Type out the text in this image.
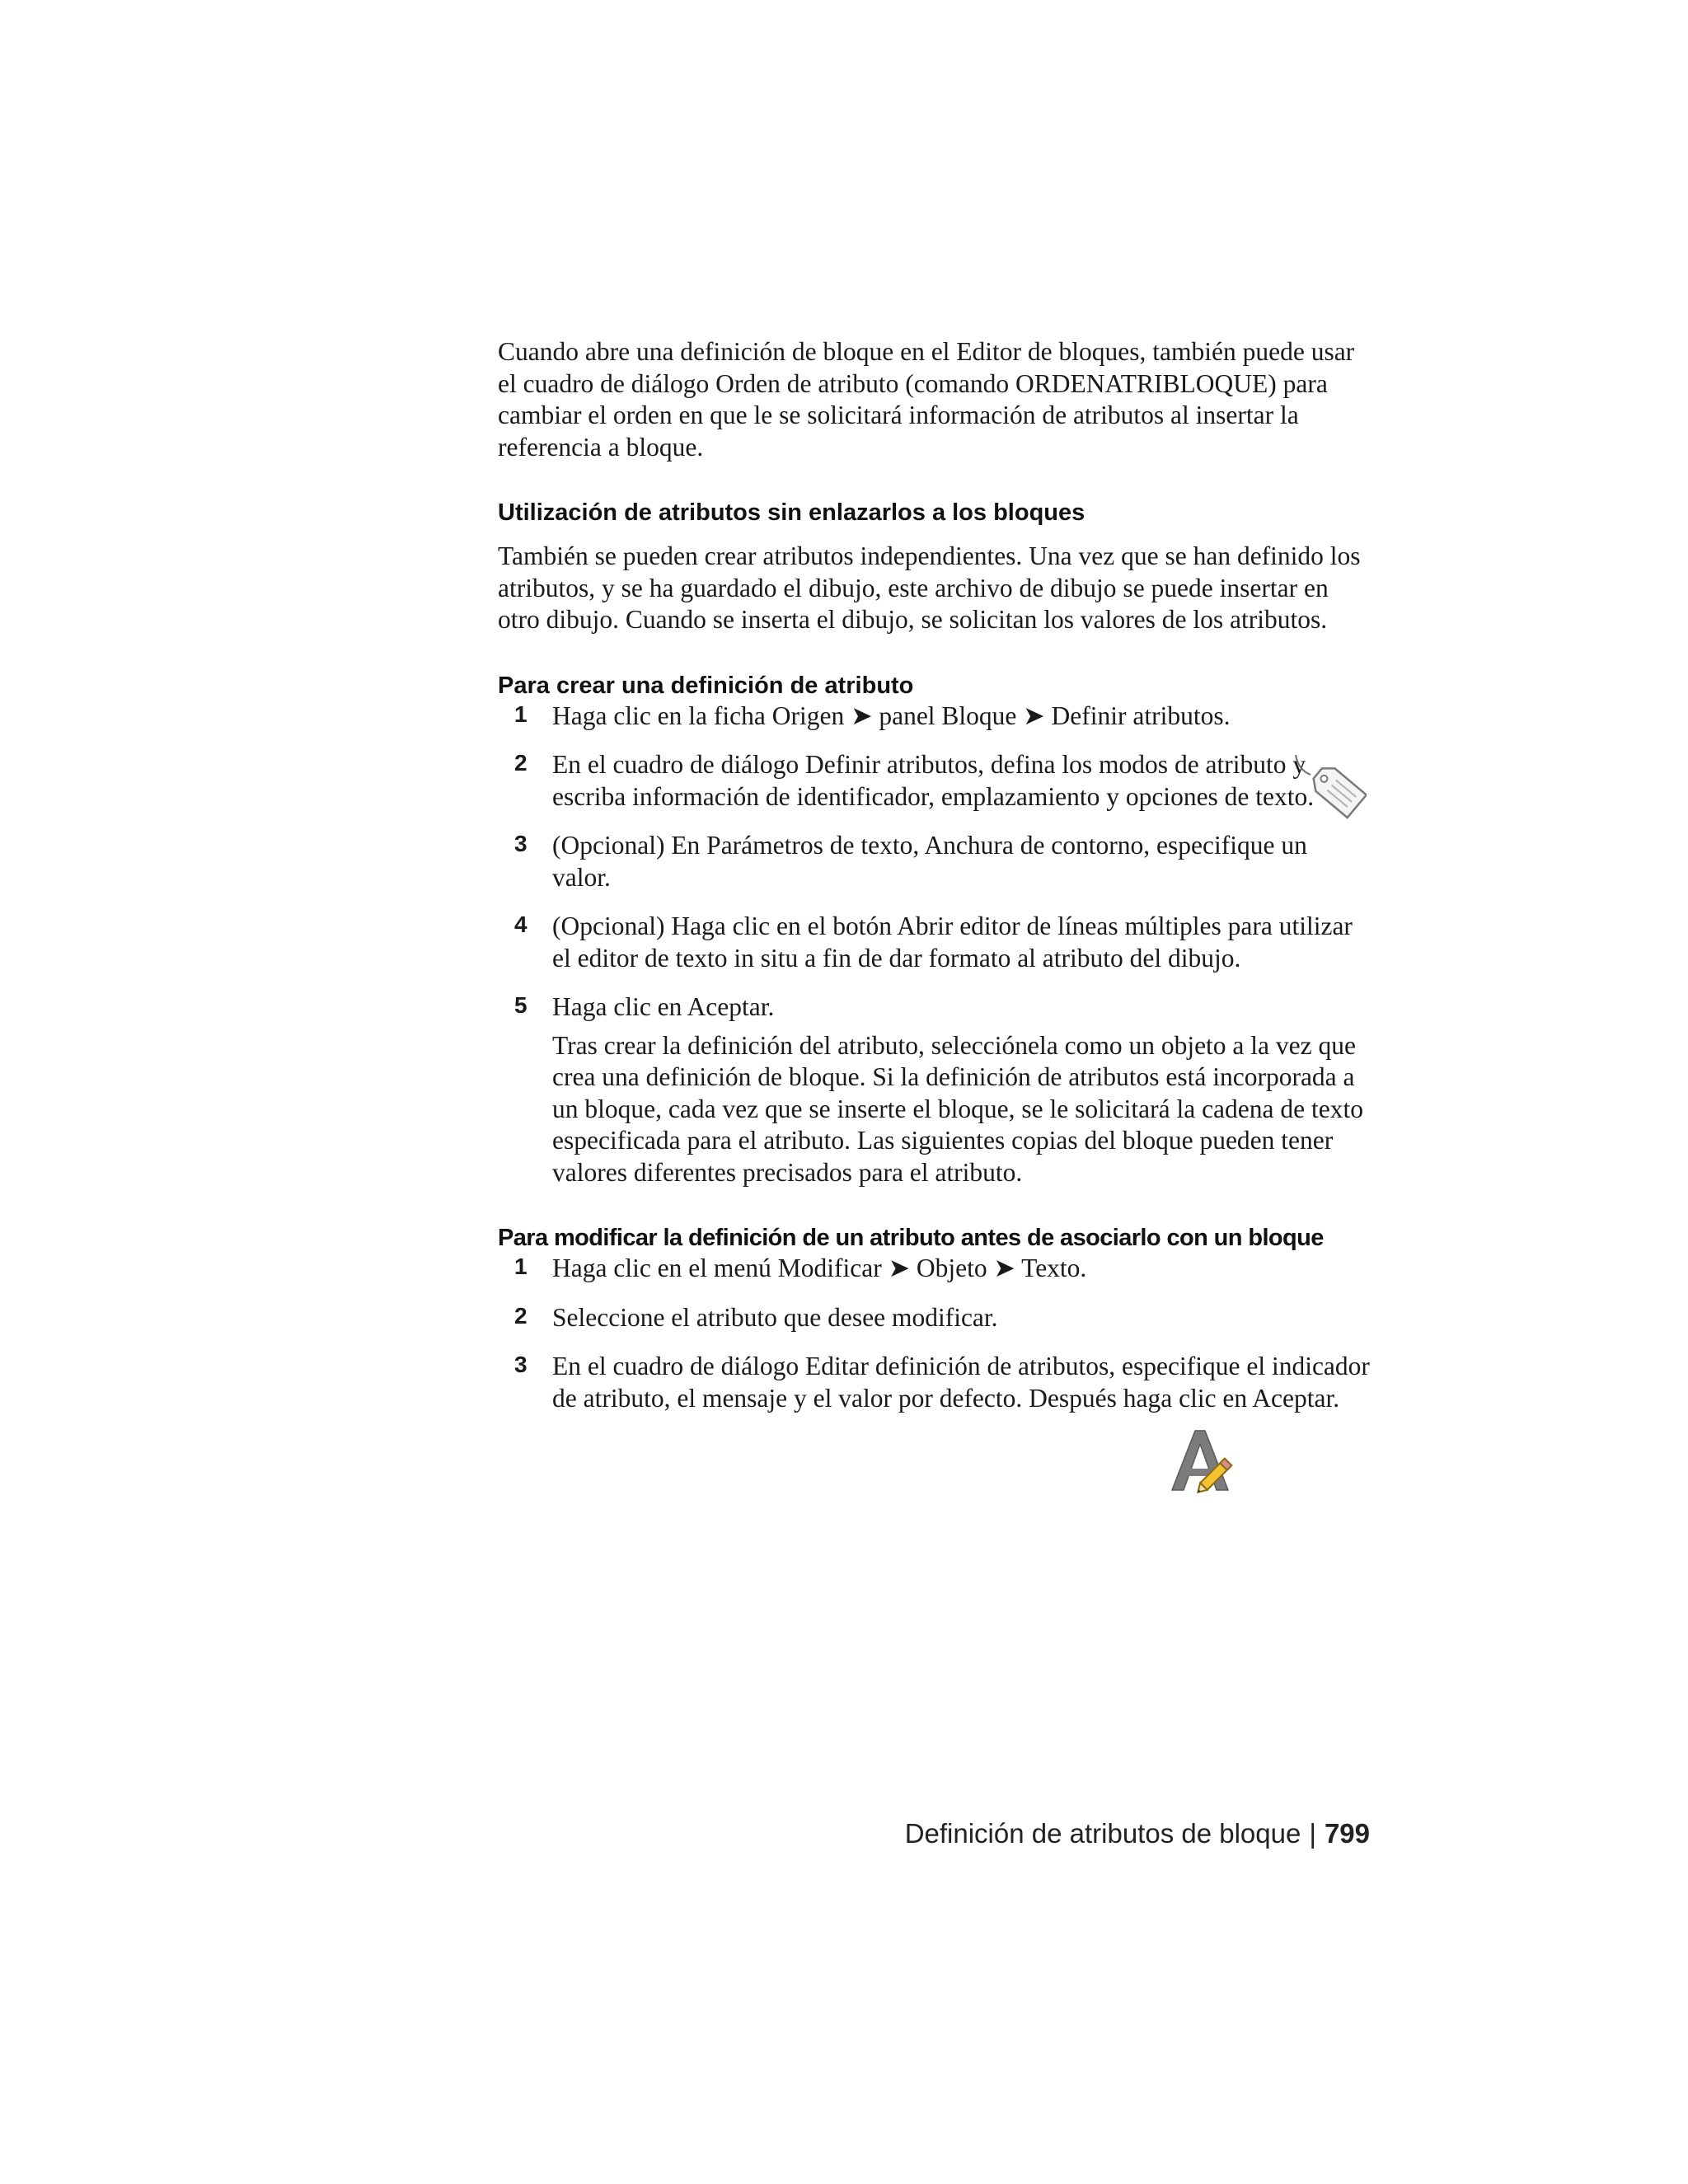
Cuando abre una definición de bloque en el Editor de bloques, también puede usar el cuadro de diálogo Orden de atributo (comando ORDENATRIBLOQUE) para cambiar el orden en que le se solicitará información de atributos al insertar la referencia a bloque.

Utilización de atributos sin enlazarlos a los bloques

También se pueden crear atributos independientes. Una vez que se han definido los atributos, y se ha guardado el dibujo, este archivo de dibujo se puede insertar en otro dibujo. Cuando se inserta el dibujo, se solicitan los valores de los atributos.

Para crear una definición de atributo
1 Haga clic en la ficha Origen ➤ panel Bloque ➤ Definir atributos.
2 En el cuadro de diálogo Definir atributos, defina los modos de atributo y escriba información de identificador, emplazamiento y opciones de texto.
3 (Opcional) En Parámetros de texto, Anchura de contorno, especifique un valor.
4 (Opcional) Haga clic en el botón Abrir editor de líneas múltiples para utilizar el editor de texto in situ a fin de dar formato al atributo del dibujo.
5 Haga clic en Aceptar.
Tras crear la definición del atributo, selecciónela como un objeto a la vez que crea una definición de bloque. Si la definición de atributos está incorporada a un bloque, cada vez que se inserte el bloque, se le solicitará la cadena de texto especificada para el atributo. Las siguientes copias del bloque pueden tener valores diferentes precisados para el atributo.
Para modificar la definición de un atributo antes de asociarlo con un bloque
1 Haga clic en el menú Modificar ➤ Objeto ➤ Texto.
2 Seleccione el atributo que desee modificar.
3 En el cuadro de diálogo Editar definición de atributos, especifique el indicador de atributo, el mensaje y el valor por defecto. Después haga clic en Aceptar.
Definición de atributos de bloque | 799
